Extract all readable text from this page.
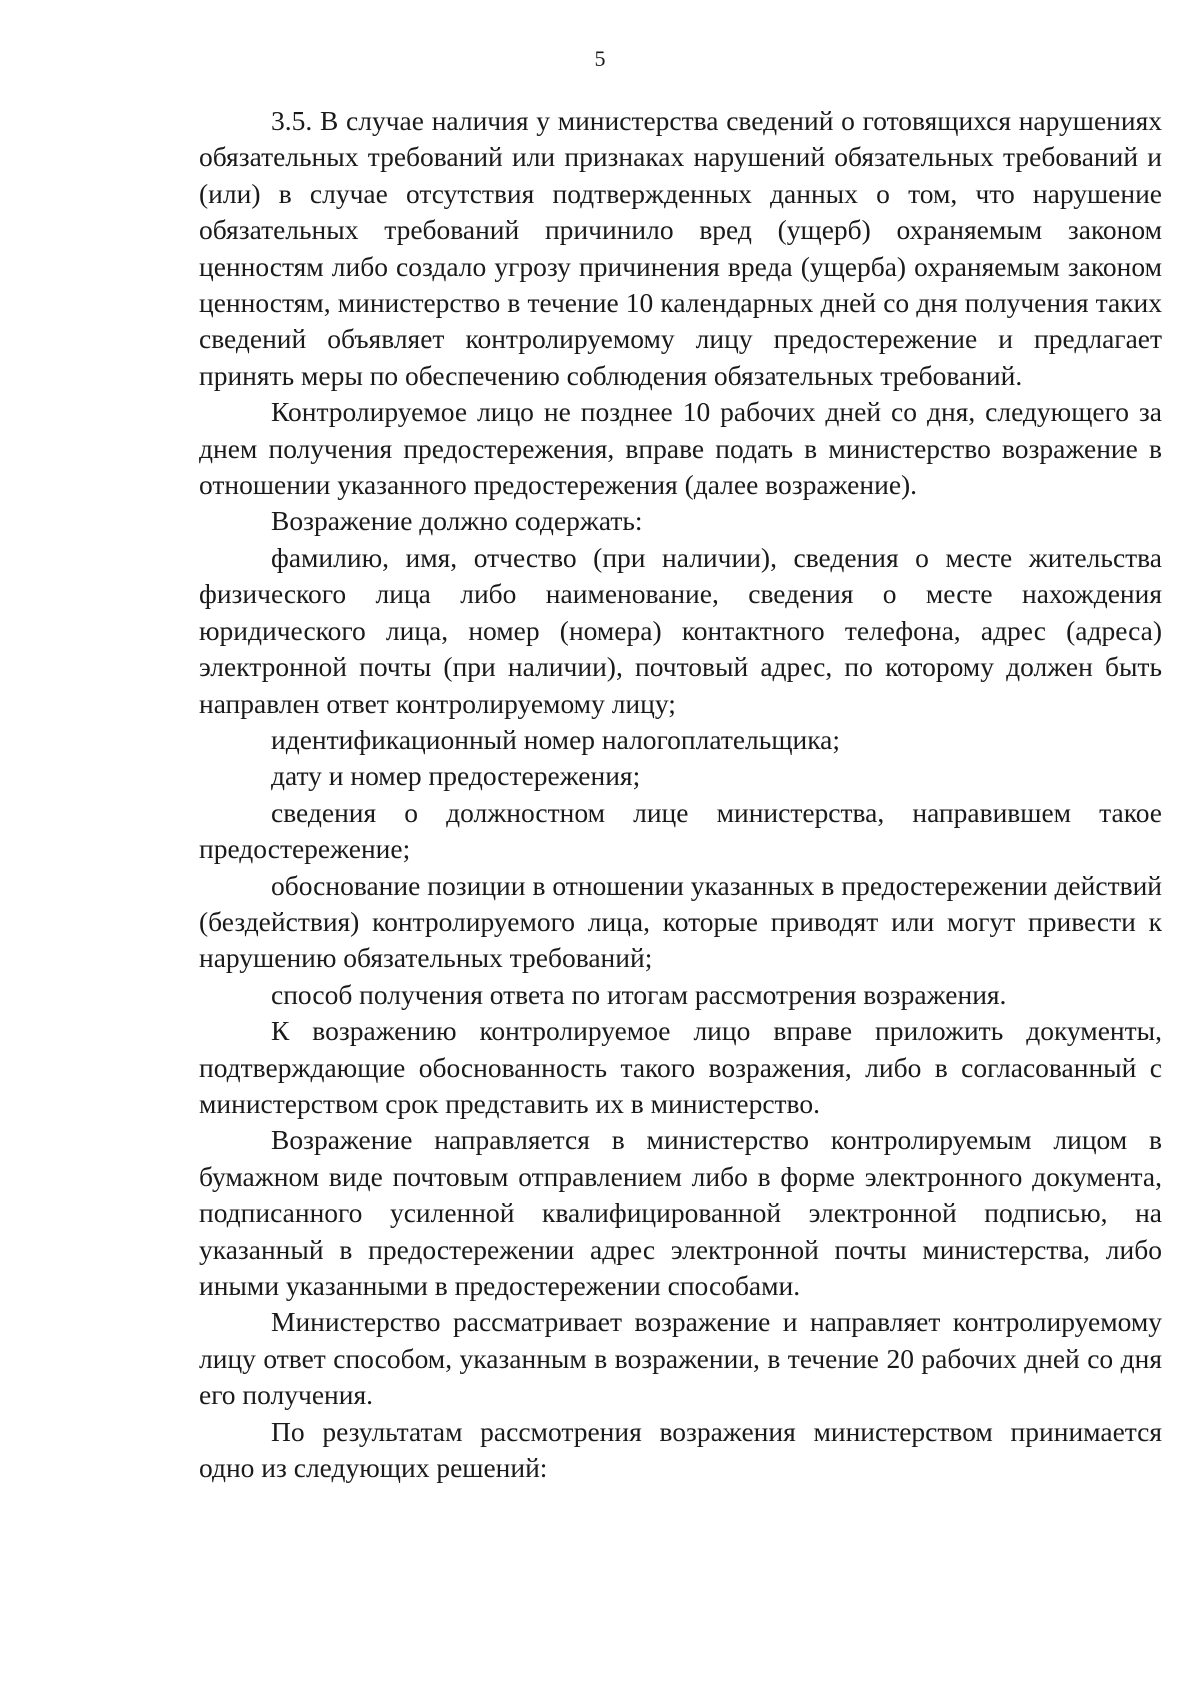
5

3.5. В случае наличия у министерства сведений о готовящихся нарушениях обязательных требований или признаках нарушений обязательных требований и (или) в случае отсутствия подтвержденных данных о том, что нарушение обязательных требований причинило вред (ущерб) охраняемым законом ценностям либо создало угрозу причинения вреда (ущерба) охраняемым законом ценностям, министерство в течение 10 календарных дней со дня получения таких сведений объявляет контролируемому лицу предостережение и предлагает принять меры по обеспечению соблюдения обязательных требований.

Контролируемое лицо не позднее 10 рабочих дней со дня, следующего за днем получения предостережения, вправе подать в министерство возражение в отношении указанного предостережения (далее возражение).

Возражение должно содержать:

фамилию, имя, отчество (при наличии), сведения о месте жительства физического лица либо наименование, сведения о месте нахождения юридического лица, номер (номера) контактного телефона, адрес (адреса) электронной почты (при наличии), почтовый адрес, по которому должен быть направлен ответ контролируемому лицу;

идентификационный номер налогоплательщика;

дату и номер предостережения;

сведения о должностном лице министерства, направившем такое предостережение;

обоснование позиции в отношении указанных в предостережении действий (бездействия) контролируемого лица, которые приводят или могут привести к нарушению обязательных требований;

способ получения ответа по итогам рассмотрения возражения.

К возражению контролируемое лицо вправе приложить документы, подтверждающие обоснованность такого возражения, либо в согласованный с министерством срок представить их в министерство.

Возражение направляется в министерство контролируемым лицом в бумажном виде почтовым отправлением либо в форме электронного документа, подписанного усиленной квалифицированной электронной подписью, на указанный в предостережении адрес электронной почты министерства, либо иными указанными в предостережении способами.

Министерство рассматривает возражение и направляет контролируемому лицу ответ способом, указанным в возражении, в течение 20 рабочих дней со дня его получения.

По результатам рассмотрения возражения министерством принимается одно из следующих решений:
